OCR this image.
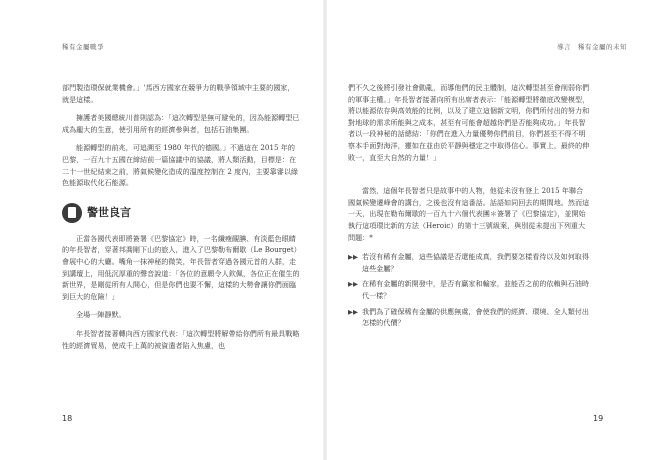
稀有金屬戰爭

部門製造環保就業機會。」'馬西方國家在競爭力的戰爭領域中主要的國家，就是這樣。

擁護者美國總統川普則認為：「這次轉型是無可避免的，因為能源轉型已成為龐大的生意，使引用所有的經濟參與者，包括石油集團。

能源轉型的前兆，可追溯至 1980 年代的德國。」不過這在 2015 年的巴黎，一百九十五國在締結前一篇協議中的協議，將人類活動，目標是：在二十一世紀結束之前，將氣候變化造成的溫度控制在 2 度內，主要靠審以綠色能源取代化石能源。

警世良言

正當各國代表即將簽署《巴黎協定》時，一名纖瘦靦腆、有淡藍色眼睛的年長智者，穿著邦喬剛下山的旅人，進入了巴黎勒布爾歇（Le Bourget）會展中心的大廳。嘴角一抹神秘的微笑，年長智者穿過各國元首的人群，走到講壇上，用低沉厚重的聲音說道：「各位的意願令人欽佩，各位正在催生的新世界，是剛從所有人開心，但是你們也要不懈，這樣的大勢會讓你們面臨到巨大的危險！」

全場一陣靜默。

年長智者接著轉向西方國家代表：「這次轉型將解帶給你們所有最具戰略性的經濟貿易，使成千上萬的被資遣者陷入焦慮，也

18
導言　稀有金屬的未知

們不久之後將引發社會動亂，而導他們的民主體制，這次轉型甚至會削弱你們的軍事主權。」年長智者接著向所有出席者表示：「能源轉型將徹底改變模型，將以能源依存與高效能的比例，以及了建立這個新文明，你們所付出的努力和對地球的需求所能與之成本，甚至有可能會超越你們是否能夠成功。」年長智者以一段神秘的話總結：「你們在進入力量優勢你們前目，你們甚至不得不明察本手面對海洋，靈如在並由於平靜與穩定之中取得信心。事實上，最終的伸敗一，直至大自然的力量！」

當然，這個年長智者只是故事中的人物，他從未沒有登上 2015 年聯合國氣候變遷峰會的講台，之後也沒有這番話。話語如同回去的期間地。然而這一天，出現在勒布爾歇的一百九十六個代表團＊簽署了《巴黎協定》，並開始執行這項環比新的方法（Heroic）的第十三號級案，與別從未提出下列重大問題：*

▶▶ 若沒有稀有金屬，這些協議是否還能成真，我們要怎樣看待以及如何取得這些金屬？
▶▶ 在稀有金屬的新開發中，是否有贏家和輸家，並能否之前的依賴與石油時代一樣？
▶▶ 我們為了確保稀有金屬的供應無虞，會使我們的經濟、環境、全人類付出怎樣的代價？
19
